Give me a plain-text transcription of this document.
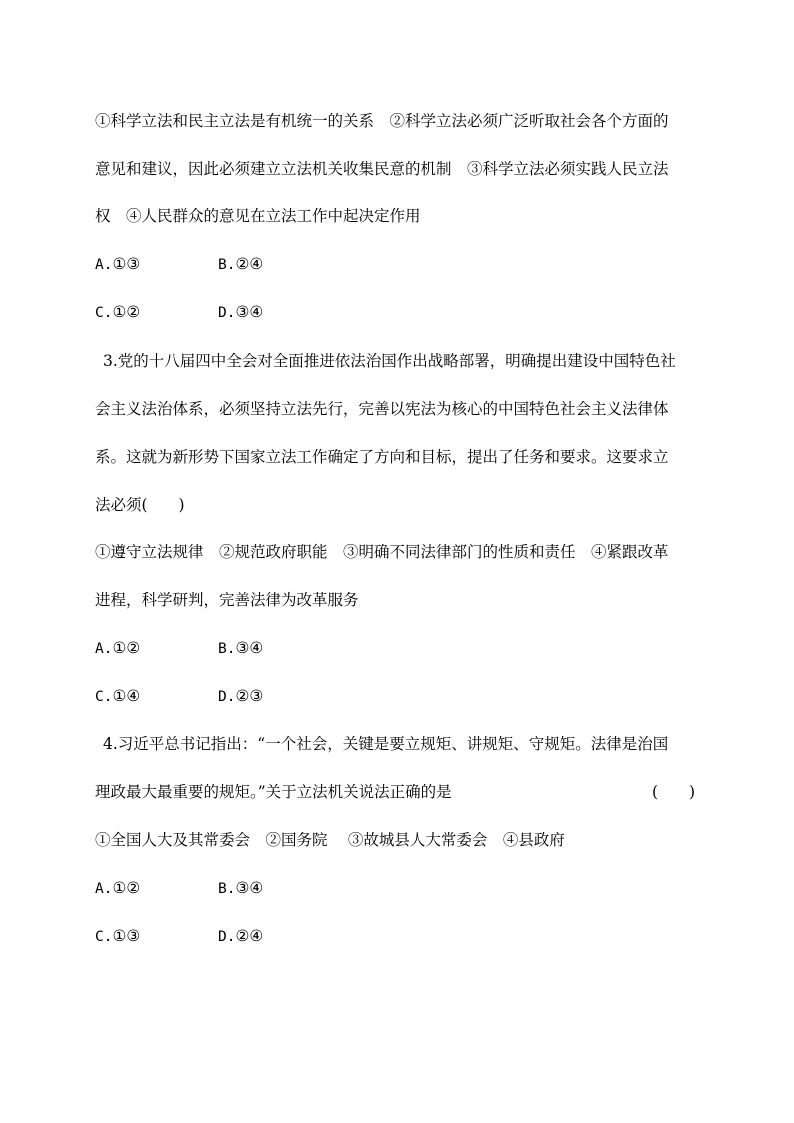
①科学立法和民主立法是有机统一的关系　②科学立法必须广泛听取社会各个方面的

意见和建议，因此必须建立立法机关收集民意的机制　③科学立法必须实践人民立法

权　④人民群众的意见在立法工作中起决定作用

A.①③	B.②④

C.①②	D.③④

3.党的十八届四中全会对全面推进依法治国作出战略部署，明确提出建设中国特色社

会主义法治体系，必须坚持立法先行，完善以宪法为核心的中国特色社会主义法律体

系。这就为新形势下国家立法工作确定了方向和目标，提出了任务和要求。这要求立

法必须(　　)

①遵守立法规律　②规范政府职能　③明确不同法律部门的性质和责任　④紧跟改革

进程，科学研判，完善法律为改革服务

A.①②	B.③④

C.①④	D.②③

4.习近平总书记指出：“一个社会，关键是要立规矩、讲规矩、守规矩。法律是治国

理政最大最重要的规矩。”关于立法机关说法正确的是	(　　)

①全国人大及其常委会　②国务院　 ③故城县人大常委会　④县政府

A.①②	B.③④

C.①③	D.②④
